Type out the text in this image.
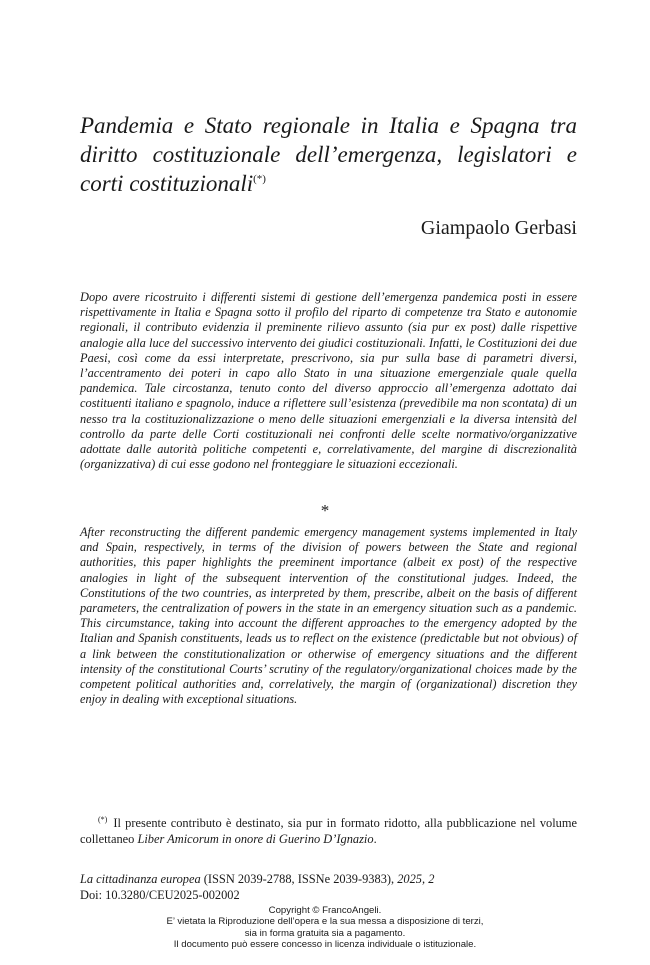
Pandemia e Stato regionale in Italia e Spagna tra diritto costituzionale dell’emergenza, legislatori e corti costituzionali(*)

Giampaolo Gerbasi

Dopo avere ricostruito i differenti sistemi di gestione dell’emergenza pandemica posti in essere rispettivamente in Italia e Spagna sotto il profilo del riparto di competenze tra Stato e autonomie regionali, il contributo evidenzia il preminente rilievo assunto (sia pur ex post) dalle rispettive analogie alla luce del successivo intervento dei giudici costituzionali. Infatti, le Costituzioni dei due Paesi, così come da essi interpretate, prescrivono, sia pur sulla base di parametri diversi, l’accentramento dei poteri in capo allo Stato in una situazione emergenziale quale quella pandemica. Tale circostanza, tenuto conto del diverso approccio all’emergenza adottato dai costituenti italiano e spagnolo, induce a riflettere sull’esistenza (prevedibile ma non scontata) di un nesso tra la costituzionalizzazione o meno delle situazioni emergenziali e la diversa intensità del controllo da parte delle Corti costituzionali nei confronti delle scelte normativo/organizzative adottate dalle autorità politiche competenti e, correlativamente, del margine di discrezionalità (organizzativa) di cui esse godono nel fronteggiare le situazioni eccezionali.

*

After reconstructing the different pandemic emergency management systems implemented in Italy and Spain, respectively, in terms of the division of powers between the State and regional authorities, this paper highlights the preeminent importance (albeit ex post) of the respective analogies in light of the subsequent intervention of the constitutional judges. Indeed, the Constitutions of the two countries, as interpreted by them, prescribe, albeit on the basis of different parameters, the centralization of powers in the state in an emergency situation such as a pandemic. This circumstance, taking into account the different approaches to the emergency adopted by the Italian and Spanish constituents, leads us to reflect on the existence (predictable but not obvious) of a link between the constitutionalization or otherwise of emergency situations and the different intensity of the constitutional Courts’ scrutiny of the regulatory/organizational choices made by the competent political authorities and, correlatively, the margin of (organizational) discretion they enjoy in dealing with exceptional situations.

(*) Il presente contributo è destinato, sia pur in formato ridotto, alla pubblicazione nel volume collettaneo Liber Amicorum in onore di Guerino D’Ignazio.

La cittadinanza europea (ISSN 2039-2788, ISSNe 2039-9383), 2025, 2
Doi: 10.3280/CEU2025-002002

Copyright © FrancoAngeli.
E’ vietata la Riproduzione dell’opera e la sua messa a disposizione di terzi,
sia in forma gratuita sia a pagamento.
Il documento può essere concesso in licenza individuale o istituzionale.
